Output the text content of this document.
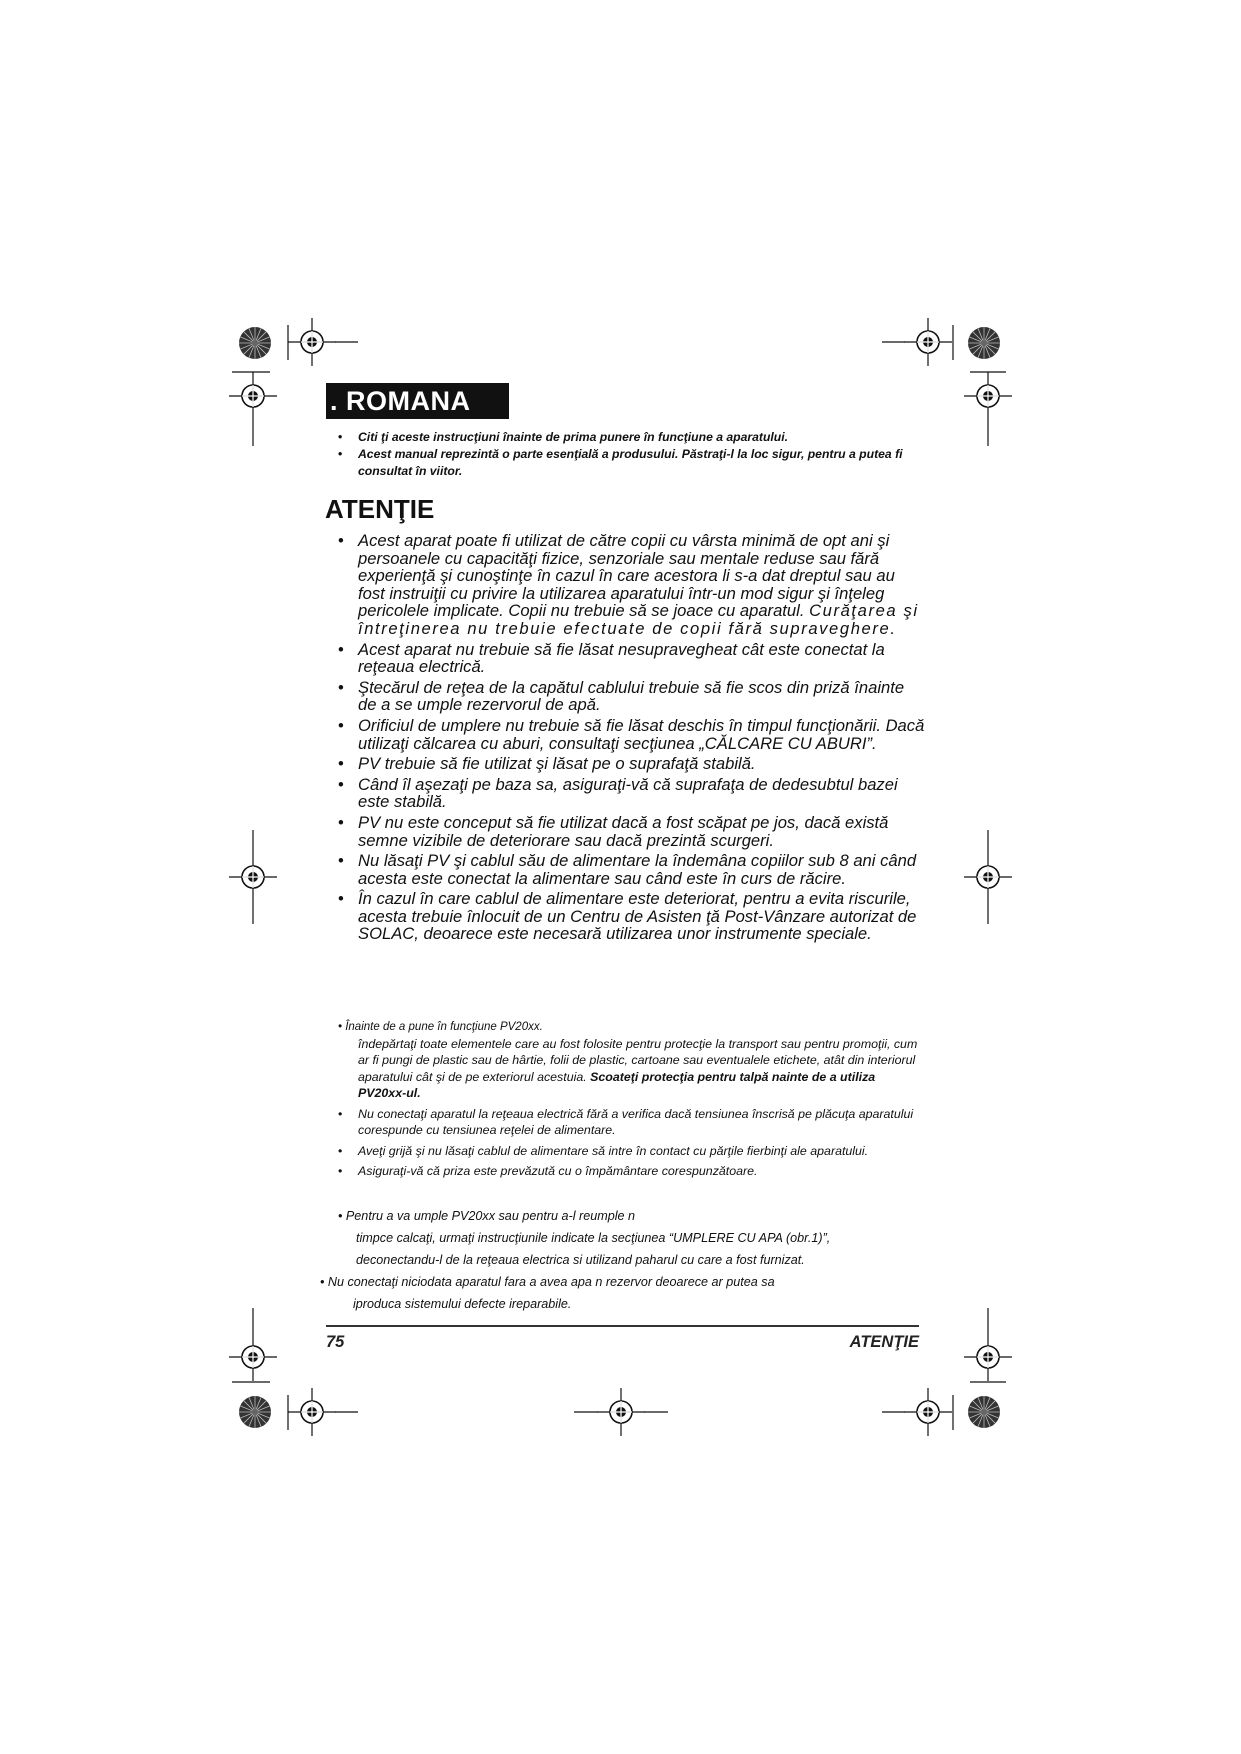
. ROMANA

• Citi ţi aceste instrucţiuni înainte de prima punere în funcţiune a aparatului.

• Acest manual reprezintă o parte esenţială a produsului. Păstraţi-l la loc sigur, pentru a putea fi consultat în viitor.

ATENŢIE

• Acest aparat poate fi utilizat de către copii cu vârsta minimă de opt ani şi persoanele cu capacităţi fizice, senzoriale sau mentale reduse sau fără experienţă şi cunoştinţe în cazul în care acestora li s-a dat dreptul sau au fost instruiţii cu privire la utilizarea aparatului într-un mod sigur şi înţeleg pericolele implicate. Copii nu trebuie să se joace cu aparatul. Curăţarea şi întreţinerea nu trebuie efectuate de copii fără supraveghere.

• Acest aparat nu trebuie să fie lăsat nesupravegheat cât este conectat la reţeaua electrică.

• Ştecărul de reţea de la capătul cablului trebuie să fie scos din priză înainte de a se umple rezervorul de apă.

• Orificiul de umplere nu trebuie să fie lăsat deschis în timpul funcţionării. Dacă utilizaţi călcarea cu aburi, consultaţi secţiunea „CĂLCARE CU ABURI”.

• PV trebuie să fie utilizat şi lăsat pe o suprafaţă stabilă.

• Când îl aşezaţi pe baza sa, asiguraţi-vă că suprafaţa de dedesubtul bazei este stabilă.

• PV nu este conceput să fie utilizat dacă a fost scăpat pe jos, dacă există semne vizibile de deteriorare sau dacă prezintă scurgeri.

• Nu lăsaţi PV şi cablul său de alimentare la îndemâna copiilor sub 8 ani când acesta este conectat la alimentare sau când este în curs de răcire.

• În cazul în care cablul de alimentare este deteriorat, pentru a evita riscurile, acesta trebuie înlocuit de un Centru de Asisten ţă Post-Vânzare autorizat de SOLAC, deoarece este necesară utilizarea unor instrumente speciale.

• Înainte de a pune în funcţiune PV20xx.

îndepărtaţi toate elementele care au fost folosite pentru protecţie la transport sau pentru promoţii, cum ar fi pungi de plastic sau de hârtie, folii de plastic, cartoane sau eventualele etichete, atât din interiorul aparatului cât şi de pe exteriorul acestuia. Scoateţi protecţia pentru talpă nainte de a utiliza PV20xx-ul.

• Nu conectaţi aparatul la reţeaua electrică fără a verifica dacă tensiunea înscrisă pe plăcuţa aparatului corespunde cu tensiunea reţelei de alimentare.

• Aveţi grijă şi nu lăsaţi cablul de alimentare să intre în contact cu părţile fierbinţi ale aparatului.

• Asiguraţi-vă că priza este prevăzută cu o împământare corespunzătoare.

• Pentru a va umple PV20xx sau pentru a-l reumple n

timpce calcaţi, urmaţi instrucţiunile indicate la secţiunea “UMPLERE CU APA (obr.1)”,

deconectandu-l de la reţeaua electrica si utilizand paharul cu care a fost furnizat.

• Nu conectaţi niciodata aparatul fara a avea apa n rezervor deoarece ar putea sa

iproduca sistemului defecte ireparabile.

75	ATENŢIE
